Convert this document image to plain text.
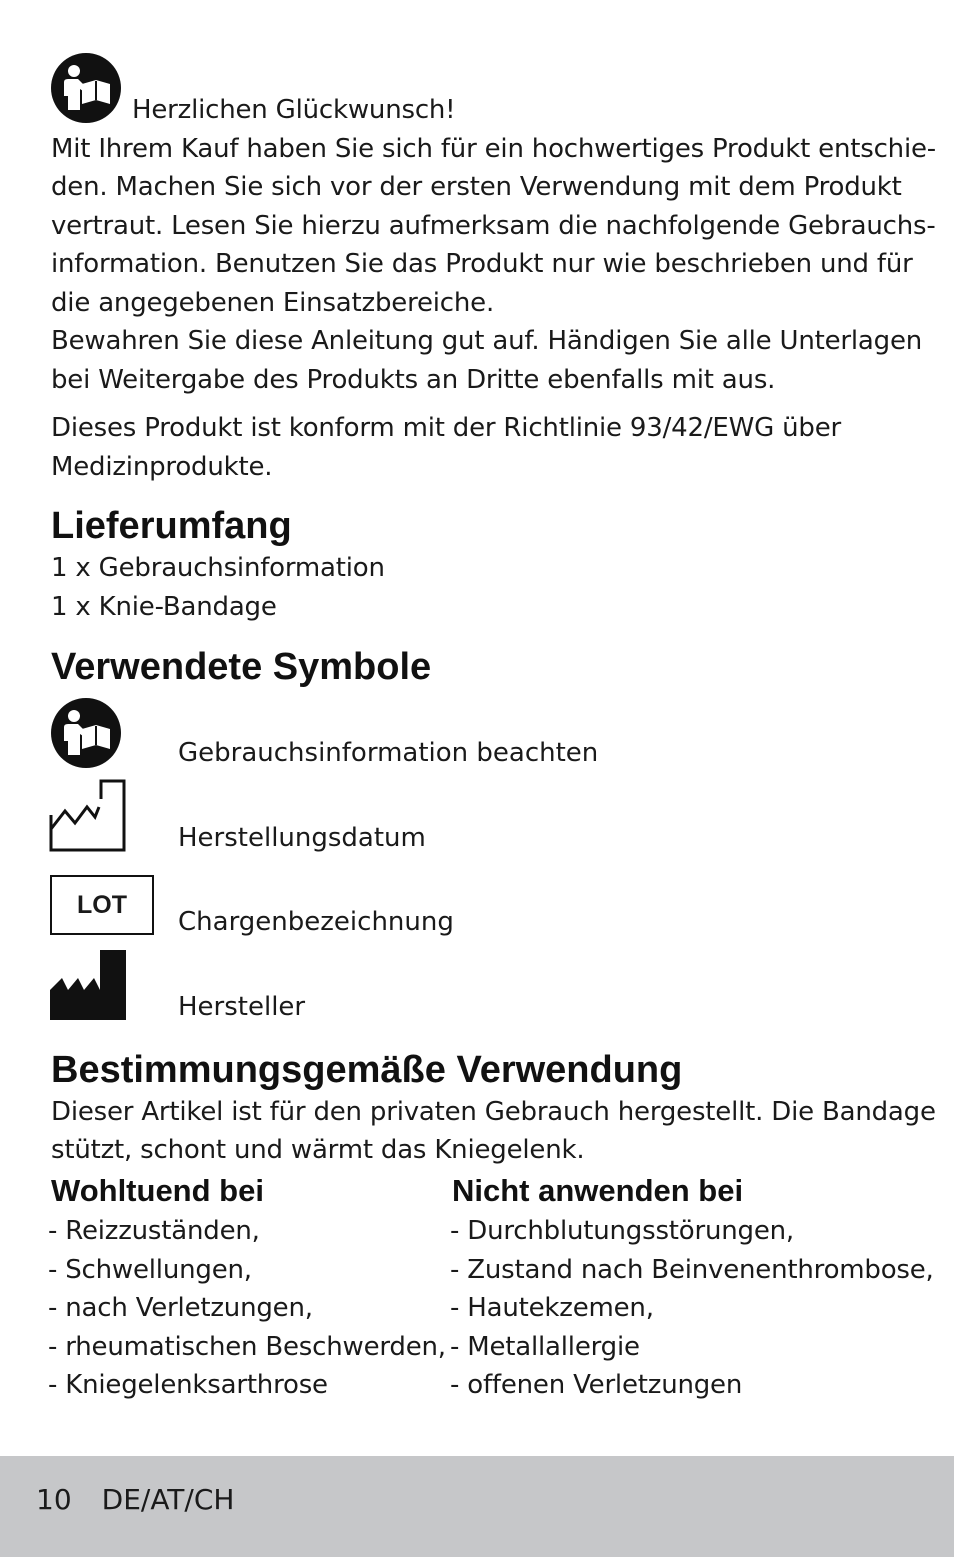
Herzlichen Glückwunsch!
Mit Ihrem Kauf haben Sie sich für ein hochwertiges Produkt entschie-
den. Machen Sie sich vor der ersten Verwendung mit dem Produkt
vertraut. Lesen Sie hierzu aufmerksam die nachfolgende Gebrauchs-
information. Benutzen Sie das Produkt nur wie beschrieben und für
die angegebenen Einsatzbereiche.
Bewahren Sie diese Anleitung gut auf. Händigen Sie alle Unterlagen
bei Weitergabe des Produkts an Dritte ebenfalls mit aus.
Dieses Produkt ist konform mit der Richtlinie 93/42/EWG über
Medizinprodukte.
Lieferumfang
1 x Gebrauchsinformation
1 x Knie-Bandage
Verwendete Symbole
Gebrauchsinformation beachten
Herstellungsdatum
LOT
Chargenbezeichnung
Hersteller
Bestimmungsgemäße Verwendung
Dieser Artikel ist für den privaten Gebrauch hergestellt. Die Bandage
stützt, schont und wärmt das Kniegelenk.
Wohltuend bei
- Reizzuständen,
- Schwellungen,
- nach Verletzungen,
- rheumatischen Beschwerden,
- Kniegelenksarthrose
Nicht anwenden bei
- Durchblutungsstörungen,
- Zustand nach Beinvenenthrombose,
- Hautekzemen,
- Metallallergie
- offenen Verletzungen
10 DE/AT/CH
